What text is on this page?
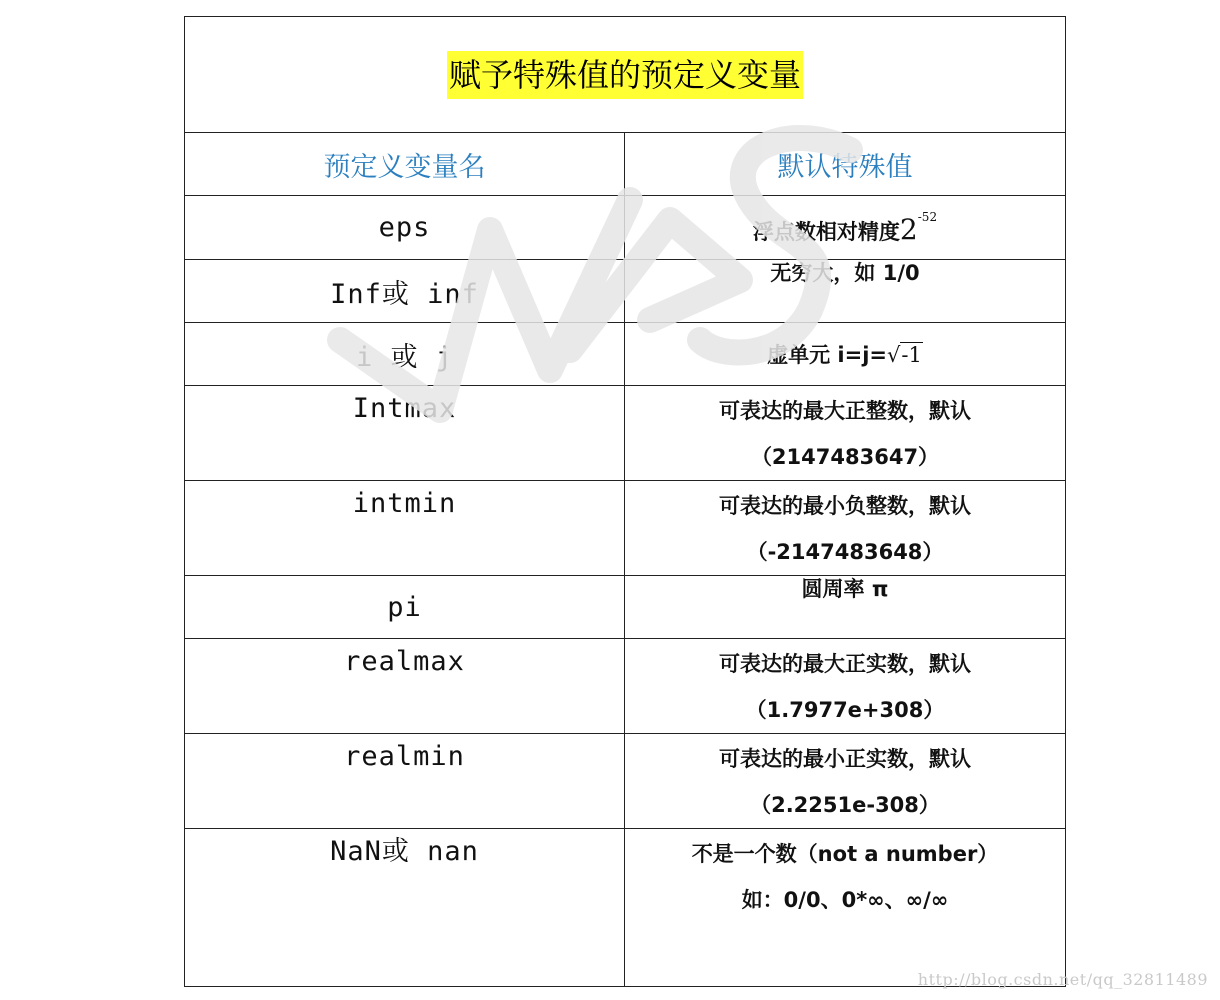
赋予特殊值的预定义变量	
预定义变量名	默认特殊值
eps	浮点数相对精度$2^{-52}$
Inf或 inf	无穷大，如 1/0

i 或 j	虚单元 i=j=√-1

Intmax	可表达的最大正整数，默认
（2147483647）

intmin	可表达的最小负整数，默认
（-2147483648）

pi	圆周率 π

realmax	可表达的最大正实数，默认
（1.7977e+308）

realmin	可表达的最小正实数，默认
（2.2251e-308）

NaN或 nan	不是一个数（not a number）
如：0/0、0*∞、∞/∞
http://blog.csdn.net/qq_32811489
